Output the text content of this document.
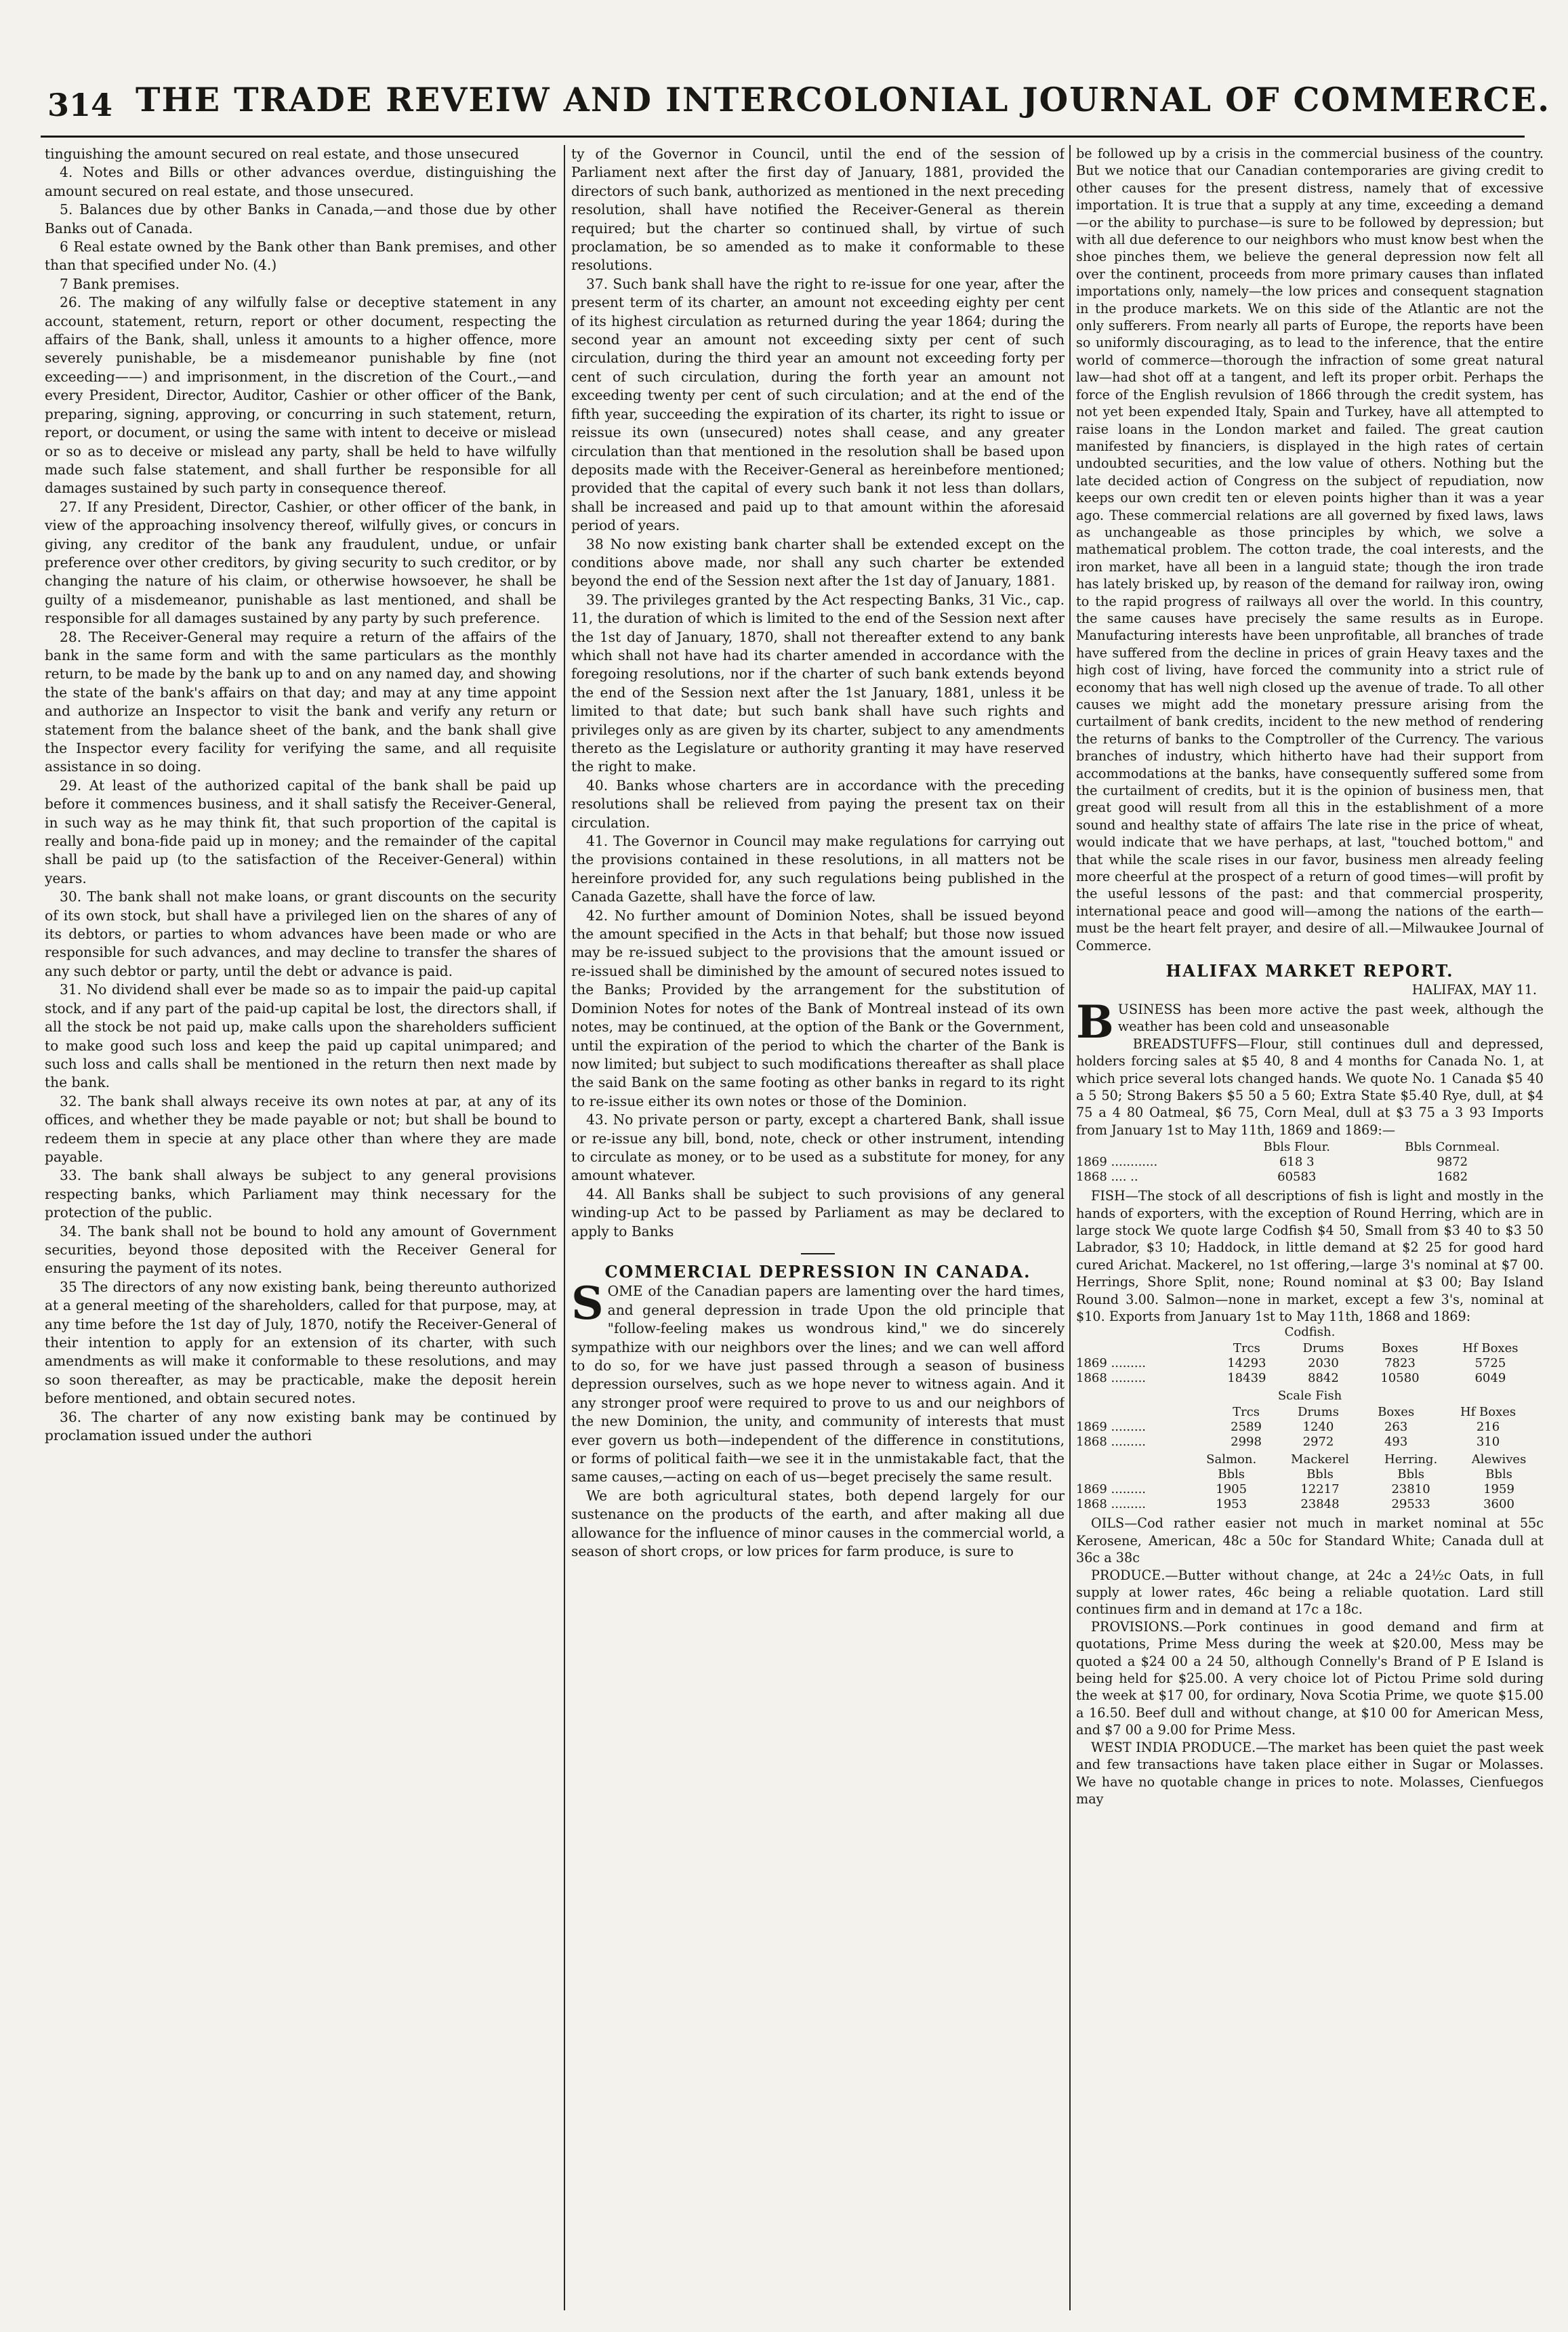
314 THE TRADE REVEIW AND INTERCOLONIAL JOURNAL OF COMMERCE.

tinguishing the amount secured on real estate, and those unsecured

4. Notes and Bills or other advances overdue, distinguishing the amount secured on real estate, and those unsecured.

5. Balances due by other Banks in Canada,—and those due by other Banks out of Canada.

6 Real estate owned by the Bank other than Bank premises, and other than that specified under No. (4.)

7 Bank premises.

26. The making of any wilfully false or deceptive statement in any account, statement, return, report or other document, respecting the affairs of the Bank, shall, unless it amounts to a higher offence, more severely punishable, be a misdemeanor punishable by fine (not exceeding——) and imprisonment, in the discretion of the Court.,—and every President, Director, Auditor, Cashier or other officer of the Bank, preparing, signing, approving, or concurring in such statement, return, report, or document, or using the same with intent to deceive or mislead or so as to deceive or mislead any party, shall be held to have wilfully made such false statement, and shall further be responsible for all damages sustained by such party in consequence thereof.

27. If any President, Director, Cashier, or other officer of the bank, in view of the approaching insolvency thereof, wilfully gives, or concurs in giving, any creditor of the bank any fraudulent, undue, or unfair preference over other creditors, by giving security to such creditor, or by changing the nature of his claim, or otherwise howsoever, he shall be guilty of a misdemeanor, punishable as last mentioned, and shall be responsible for all damages sustained by any party by such preference.

28. The Receiver-General may require a return of the affairs of the bank in the same form and with the same particulars as the monthly return, to be made by the bank up to and on any named day, and showing the state of the bank's affairs on that day; and may at any time appoint and authorize an Inspector to visit the bank and verify any return or statement from the balance sheet of the bank, and the bank shall give the Inspector every facility for verifying the same, and all requisite assistance in so doing.

29. At least of the authorized capital of the bank shall be paid up before it commences business, and it shall satisfy the Receiver-General, in such way as he may think fit, that such proportion of the capital is really and bona-fide paid up in money; and the remainder of the capital shall be paid up (to the satisfaction of the Receiver-General) within years.

30. The bank shall not make loans, or grant discounts on the security of its own stock, but shall have a privileged lien on the shares of any of its debtors, or parties to whom advances have been made or who are responsible for such advances, and may decline to transfer the shares of any such debtor or party, until the debt or advance is paid.

31. No dividend shall ever be made so as to impair the paid-up capital stock, and if any part of the paid-up capital be lost, the directors shall, if all the stock be not paid up, make calls upon the shareholders sufficient to make good such loss and keep the paid up capital unimpared; and such loss and calls shall be mentioned in the return then next made by the bank.

32. The bank shall always receive its own notes at par, at any of its offices, and whether they be made payable or not; but shall be bound to redeem them in specie at any place other than where they are made payable.

33. The bank shall always be subject to any general provisions respecting banks, which Parliament may think necessary for the protection of the public.

34. The bank shall not be bound to hold any amount of Government securities, beyond those deposited with the Receiver General for ensuring the payment of its notes.

35 The directors of any now existing bank, being thereunto authorized at a general meeting of the shareholders, called for that purpose, may, at any time before the 1st day of July, 1870, notify the Receiver-General of their intention to apply for an extension of its charter, with such amendments as will make it conformable to these resolutions, and may so soon thereafter, as may be practicable, make the deposit herein before mentioned, and obtain secured notes.

36. The charter of any now existing bank may be continued by proclamation issued under the authori

ty of the Governor in Council, until the end of the session of Parliament next after the first day of January, 1881, provided the directors of such bank, authorized as mentioned in the next preceding resolution, shall have notified the Receiver-General as therein required; but the charter so continued shall, by virtue of such proclamation, be so amended as to make it conformable to these resolutions.

37. Such bank shall have the right to re-issue for one year, after the present term of its charter, an amount not exceeding eighty per cent of its highest circulation as returned during the year 1864; during the second year an amount not exceeding sixty per cent of such circulation, during the third year an amount not exceeding forty per cent of such circulation, during the forth year an amount not exceeding twenty per cent of such circulation; and at the end of the fifth year, succeeding the expiration of its charter, its right to issue or reissue its own (unsecured) notes shall cease, and any greater circulation than that mentioned in the resolution shall be based upon deposits made with the Receiver-General as hereinbefore mentioned; provided that the capital of every such bank it not less than dollars, shall be increased and paid up to that amount within the aforesaid period of years.

38 No now existing bank charter shall be extended except on the conditions above made, nor shall any such charter be extended beyond the end of the Session next after the 1st day of January, 1881.

39. The privileges granted by the Act respecting Banks, 31 Vic., cap. 11, the duration of which is limited to the end of the Session next after the 1st day of January, 1870, shall not thereafter extend to any bank which shall not have had its charter amended in accordance with the foregoing resolutions, nor if the charter of such bank extends beyond the end of the Session next after the 1st January, 1881, unless it be limited to that date; but such bank shall have such rights and privileges only as are given by its charter, subject to any amendments thereto as the Legislature or authority granting it may have reserved the right to make.

40. Banks whose charters are in accordance with the preceding resolutions shall be relieved from paying the present tax on their circulation.

41. The Governor in Council may make regulations for carrying out the provisions contained in these resolutions, in all matters not be hereinfore provided for, any such regulations being published in the Canada Gazette, shall have the force of law.

42. No further amount of Dominion Notes, shall be issued beyond the amount specified in the Acts in that behalf; but those now issued may be re-issued subject to the provisions that the amount issued or re-issued shall be diminished by the amount of secured notes issued to the Banks; Provided by the arrangement for the substitution of Dominion Notes for notes of the Bank of Montreal instead of its own notes, may be continued, at the option of the Bank or the Government, until the expiration of the period to which the charter of the Bank is now limited; but subject to such modifications thereafter as shall place the said Bank on the same footing as other banks in regard to its right to re-issue either its own notes or those of the Dominion.

43. No private person or party, except a chartered Bank, shall issue or re-issue any bill, bond, note, check or other instrument, intending to circulate as money, or to be used as a substitute for money, for any amount whatever.

44. All Banks shall be subject to such provisions of any general winding-up Act to be passed by Parliament as may be declared to apply to Banks

COMMERCIAL DEPRESSION IN CANADA.

SOME of the Canadian papers are lamenting over the hard times, and general depression in trade Upon the old principle that "follow-feeling makes us wondrous kind," we do sincerely sympathize with our neighbors over the lines; and we can well afford to do so, for we have just passed through a season of business depression ourselves, such as we hope never to witness again. And it any stronger proof were required to prove to us and our neighbors of the new Dominion, the unity, and community of interests that must ever govern us both—independent of the difference in constitutions, or forms of political faith—we see it in the unmistakable fact, that the same causes,—acting on each of us—beget precisely the same result.

We are both agricultural states, both depend largely for our sustenance on the products of the earth, and after making all due allowance for the influence of minor causes in the commercial world, a season of short crops, or low prices for farm produce, is sure to

be followed up by a crisis in the commercial business of the country. But we notice that our Canadian contemporaries are giving credit to other causes for the present distress, namely that of excessive importation. It is true that a supply at any time, exceeding a demand—or the ability to purchase—is sure to be followed by depression; but with all due deference to our neighbors who must know best when the shoe pinches them, we believe the general depression now felt all over the continent, proceeds from more primary causes than inflated importations only, namely—the low prices and consequent stagnation in the produce markets. We on this side of the Atlantic are not the only sufferers. From nearly all parts of Europe, the reports have been so uniformly discouraging, as to lead to the inference, that the entire world of commerce—thorough the infraction of some great natural law—had shot off at a tangent, and left its proper orbit. Perhaps the force of the English revulsion of 1866 through the credit system, has not yet been expended Italy, Spain and Turkey, have all attempted to raise loans in the London market and failed. The great caution manifested by financiers, is displayed in the high rates of certain undoubted securities, and the low value of others. Nothing but the late decided action of Congress on the subject of repudiation, now keeps our own credit ten or eleven points higher than it was a year ago. These commercial relations are all governed by fixed laws, laws as unchangeable as those principles by which, we solve a mathematical problem. The cotton trade, the coal interests, and the iron market, have all been in a languid state; though the iron trade has lately brisked up, by reason of the demand for railway iron, owing to the rapid progress of railways all over the world. In this country, the same causes have precisely the same results as in Europe. Manufacturing interests have been unprofitable, all branches of trade have suffered from the decline in prices of grain Heavy taxes and the high cost of living, have forced the community into a strict rule of economy that has well nigh closed up the avenue of trade. To all other causes we might add the monetary pressure arising from the curtailment of bank credits, incident to the new method of rendering the returns of banks to the Comptroller of the Currency. The various branches of industry, which hitherto have had their support from accommodations at the banks, have consequently suffered some from the curtailment of credits, but it is the opinion of business men, that great good will result from all this in the establishment of a more sound and healthy state of affairs The late rise in the price of wheat, would indicate that we have perhaps, at last, "touched bottom," and that while the scale rises in our favor, business men already feeling more cheerful at the prospect of a return of good times—will profit by the useful lessons of the past: and that commercial prosperity, international peace and good will—among the nations of the earth—must be the heart felt prayer, and desire of all.—Milwaukee Journal of Commerce.

HALIFAX MARKET REPORT.
HALIFAX, MAY 11.

BUSINESS has been more active the past week, although the weather has been cold and unseasonable

BREADSTUFFS—Flour, still continues dull and depressed, holders forcing sales at $5 40, 8 and 4 months for Canada No. 1, at which price several lots changed hands. We quote No. 1 Canada $5 40 a 5 50; Strong Bakers $5 50 a 5 60; Extra State $5.40 Rye, dull, at $4 75 a 4 80 Oatmeal, $6 75, Corn Meal, dull at $3 75 a 3 93 Imports from January 1st to May 11th, 1869 and 1869:—

	Bbls Flour.	Bbls Cornmeal.
1869 ............	618 3	9872
1868 .... ..	60583	1682

FISH—The stock of all descriptions of fish is light and mostly in the hands of exporters, with the exception of Round Herring, which are in large stock We quote large Codfish $4 50, Small from $3 40 to $3 50 Labrador, $3 10; Haddock, in little demand at $2 25 for good hard cured Arichat. Mackerel, no 1st offering,—large 3's nominal at $7 00. Herrings, Shore Split, none; Round nominal at $3 00; Bay Island Round 3.00. Salmon—none in market, except a few 3's, nominal at $10. Exports from January 1st to May 11th, 1868 and 1869:

Codfish.

	Trcs	Drums	Boxes	Hf Boxes
1869 .........	14293	2030	7823	5725
1868 .........	18439	8842	10580	6049

Scale Fish

	Trcs	Drums	Boxes	Hf Boxes
1869 .........	2589	1240	263	216
1868 .........	2998	2972	493	310
	Salmon.	Mackerel	Herring.	Alewives
	Bbls	Bbls	Bbls	Bbls
1869 .........	1905	12217	23810	1959
1868 .........	1953	23848	29533	3600

OILS—Cod rather easier not much in market nominal at 55c Kerosene, American, 48c a 50c for Standard White; Canada dull at 36c a 38c

PRODUCE.—Butter without change, at 24c a 24½c Oats, in full supply at lower rates, 46c being a reliable quotation. Lard still continues firm and in demand at 17c a 18c.

PROVISIONS.—Pork continues in good demand and firm at quotations, Prime Mess during the week at $20.00, Mess may be quoted a $24 00 a 24 50, although Connelly's Brand of P E Island is being held for $25.00. A very choice lot of Pictou Prime sold during the week at $17 00, for ordinary, Nova Scotia Prime, we quote $15.00 a 16.50. Beef dull and without change, at $10 00 for American Mess, and $7 00 a 9.00 for Prime Mess.

WEST INDIA PRODUCE.—The market has been quiet the past week and few transactions have taken place either in Sugar or Molasses. We have no quotable change in prices to note. Molasses, Cienfuegos may
